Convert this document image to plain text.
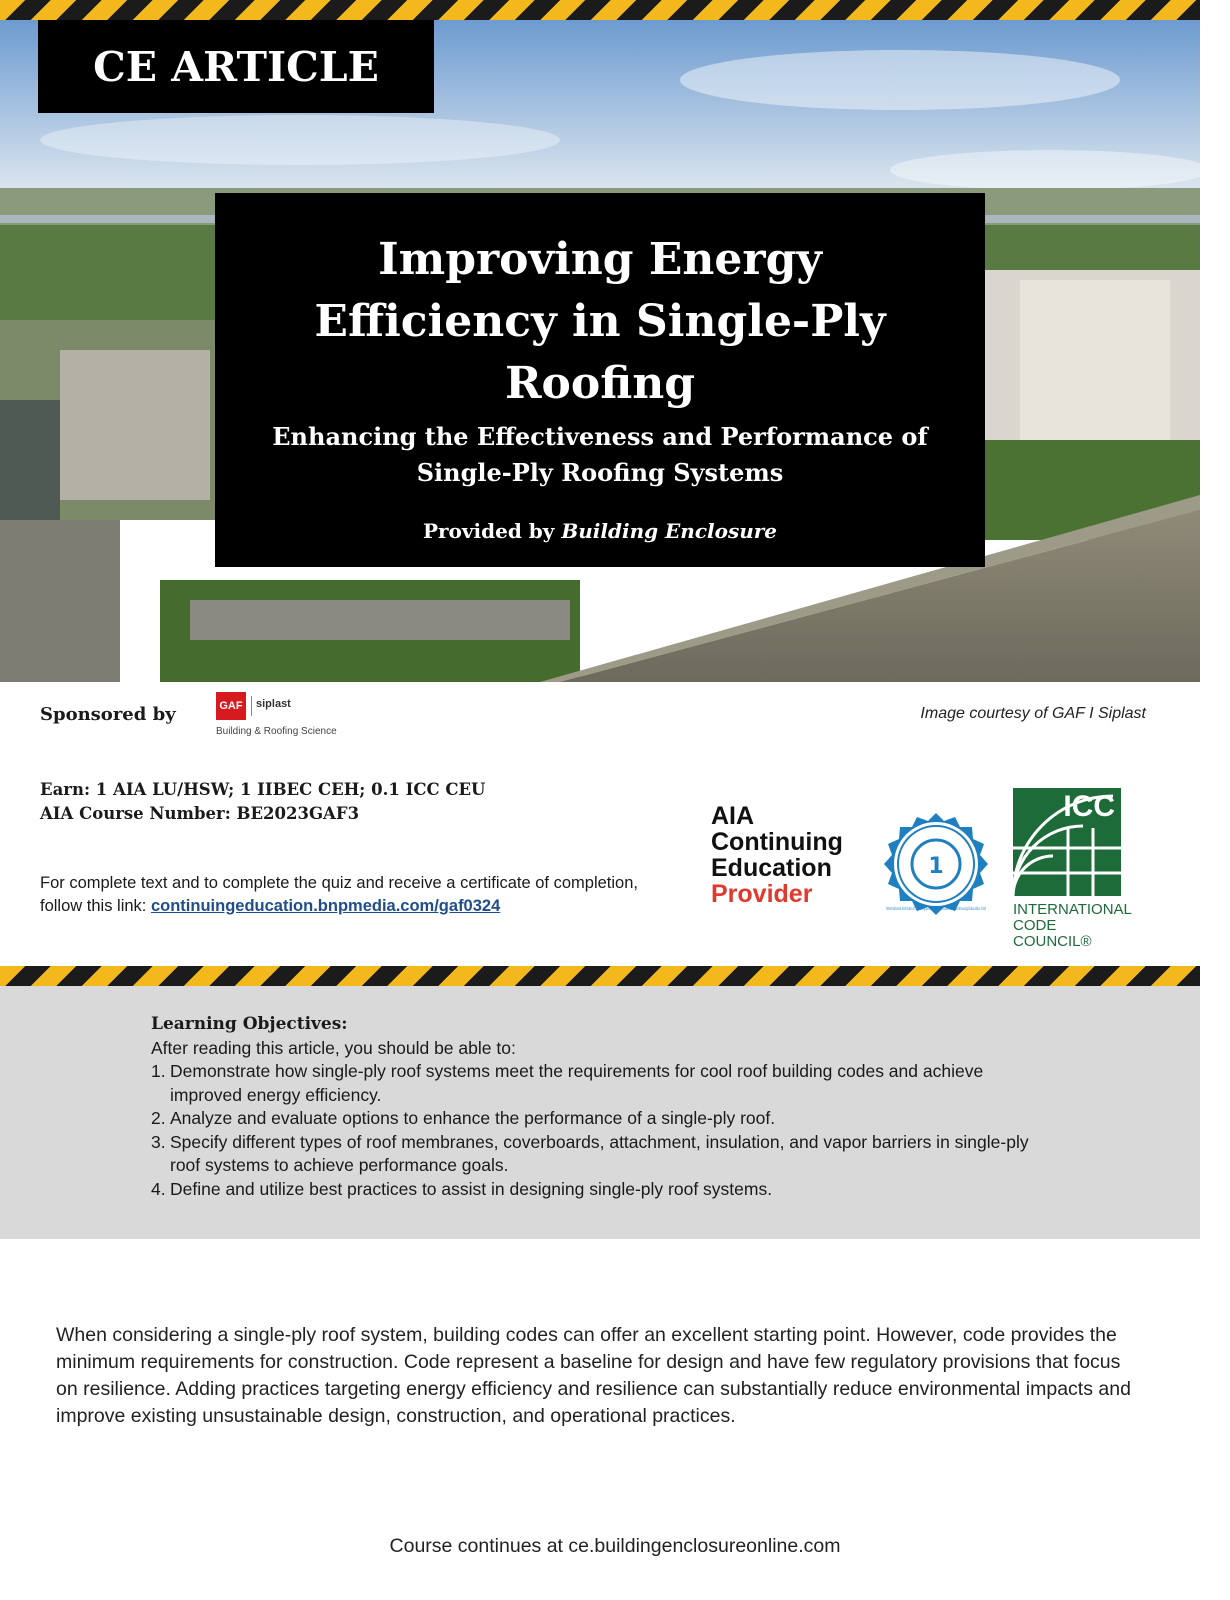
CE ARTICLE
Improving Energy Efficiency in Single-Ply Roofing
Enhancing the Effectiveness and Performance of Single-Ply Roofing Systems
Provided by Building Enclosure
Sponsored by	GAF	siplast
Building & Roofing Science
Image courtesy of GAF I Siplast
Earn: 1 AIA LU/HSW; 1 IIBEC CEH; 0.1 ICC CEU
AIA Course Number: BE2023GAF3
For complete text and to complete the quiz and receive a certificate of completion, follow this link: continuingeducation.bnpmedia.com/gaf0324
AIA
Continuing
Education
Provider
1
International Institute of Building Enclosure Consultants · Continuing Education Unit
ICC
INTERNATIONAL
CODE COUNCIL®
Learning Objectives:
After reading this article, you should be able to:
1. Demonstrate how single-ply roof systems meet the requirements for cool roof building codes and achieve improved energy efficiency.
2. Analyze and evaluate options to enhance the performance of a single-ply roof.
3. Specify different types of roof membranes, coverboards, attachment, insulation, and vapor barriers in single-ply roof systems to achieve performance goals.
4. Define and utilize best practices to assist in designing single-ply roof systems.

When considering a single-ply roof system, building codes can offer an excellent starting point. However, code provides the minimum requirements for construction. Code represent a baseline for design and have few regulatory provisions that focus on resilience. Adding practices targeting energy efficiency and resilience can substantially reduce environmental impacts and improve existing unsustainable design, construction, and operational practices.

Course continues at ce.buildingenclosureonline.com
